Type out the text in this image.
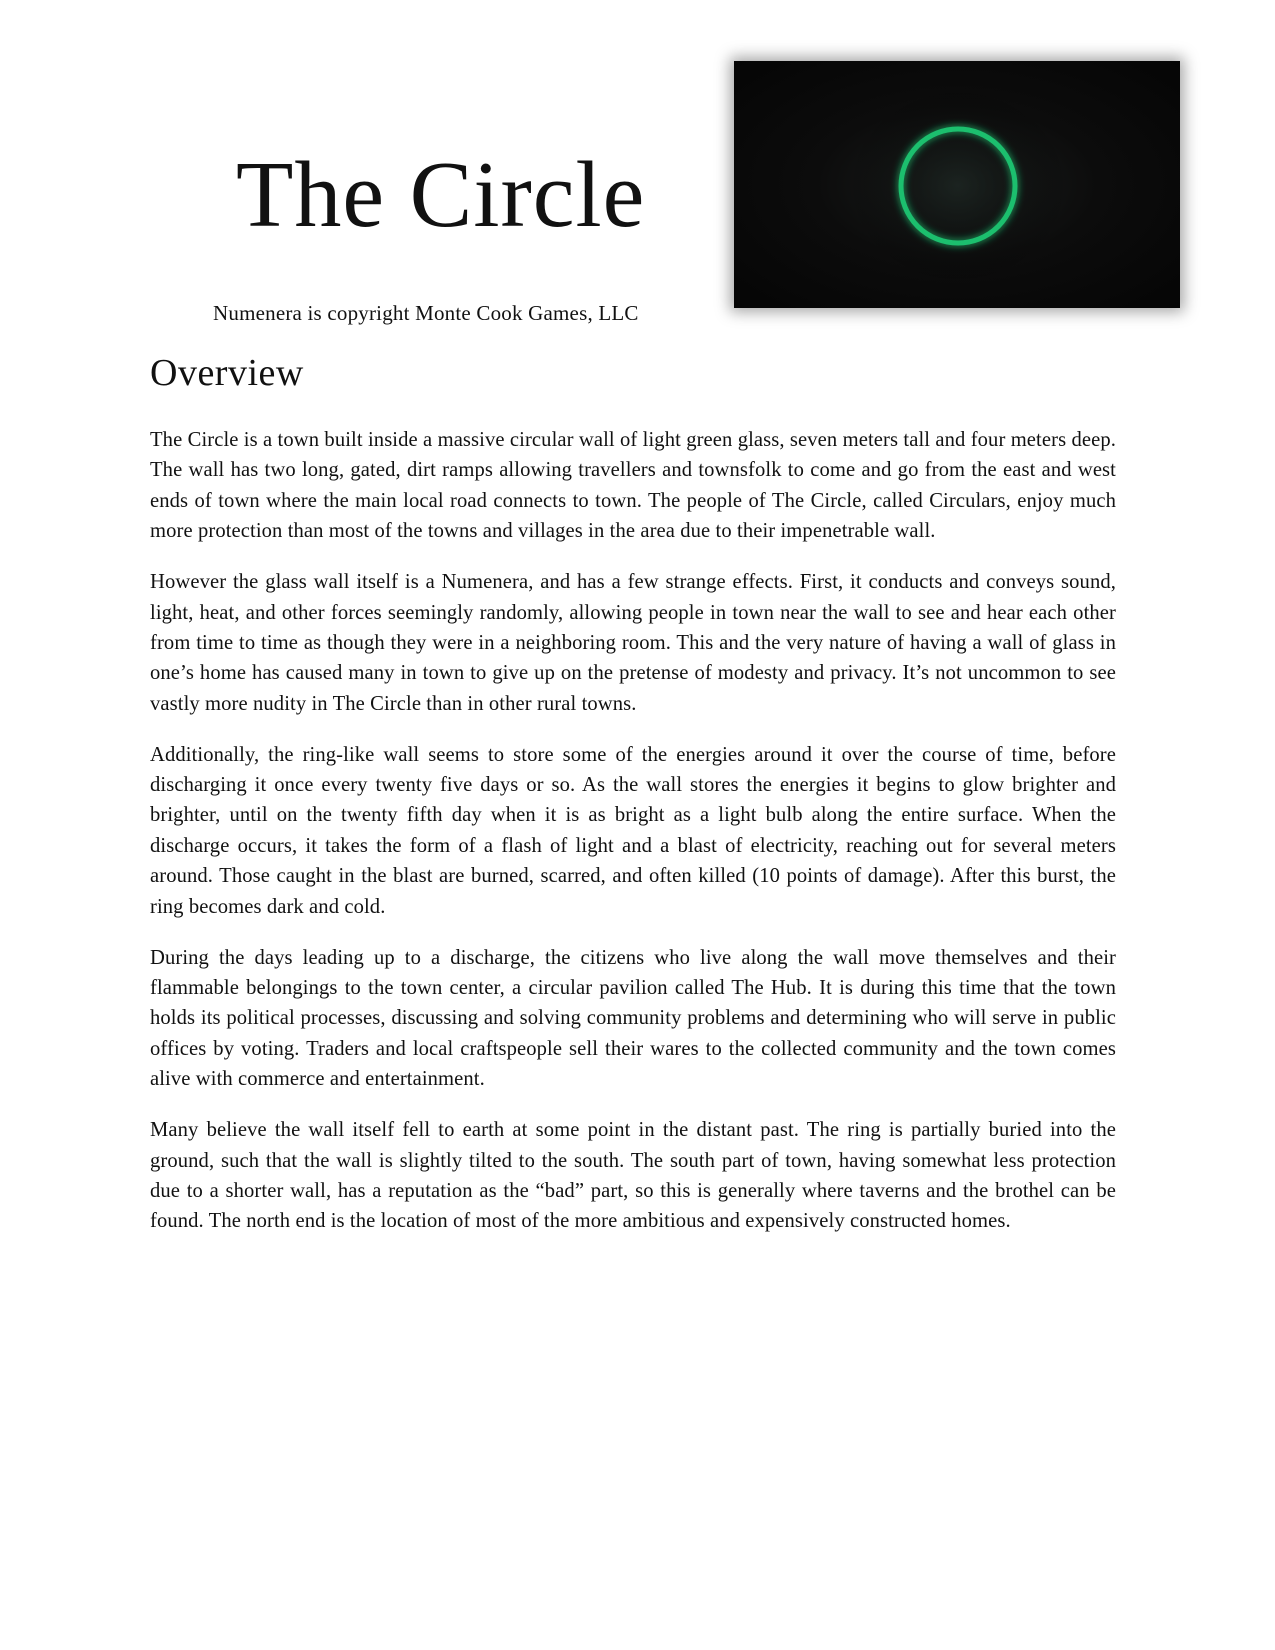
The Circle
Numenera is copyright Monte Cook Games, LLC
Overview

The Circle is a town built inside a massive circular wall of light green glass, seven meters tall and four meters deep. The wall has two long, gated, dirt ramps allowing travellers and townsfolk to come and go from the east and west ends of town where the main local road connects to town. The people of The Circle, called Circulars, enjoy much more protection than most of the towns and villages in the area due to their impenetrable wall.

However the glass wall itself is a Numenera, and has a few strange effects. First, it conducts and conveys sound, light, heat, and other forces seemingly randomly, allowing people in town near the wall to see and hear each other from time to time as though they were in a neighboring room. This and the very nature of having a wall of glass in one’s home has caused many in town to give up on the pretense of modesty and privacy. It’s not uncommon to see vastly more nudity in The Circle than in other rural towns.

Additionally, the ring-like wall seems to store some of the energies around it over the course of time, before discharging it once every twenty five days or so. As the wall stores the energies it begins to glow brighter and brighter, until on the twenty fifth day when it is as bright as a light bulb along the entire surface. When the discharge occurs, it takes the form of a flash of light and a blast of electricity, reaching out for several meters around. Those caught in the blast are burned, scarred, and often killed (10 points of damage). After this burst, the ring becomes dark and cold.

During the days leading up to a discharge, the citizens who live along the wall move themselves and their flammable belongings to the town center, a circular pavilion called The Hub. It is during this time that the town holds its political processes, discussing and solving community problems and determining who will serve in public offices by voting. Traders and local craftspeople sell their wares to the collected community and the town comes alive with commerce and entertainment.

Many believe the wall itself fell to earth at some point in the distant past. The ring is partially buried into the ground, such that the wall is slightly tilted to the south. The south part of town, having somewhat less protection due to a shorter wall, has a reputation as the “bad” part, so this is generally where taverns and the brothel can be found. The north end is the location of most of the more ambitious and expensively constructed homes.
